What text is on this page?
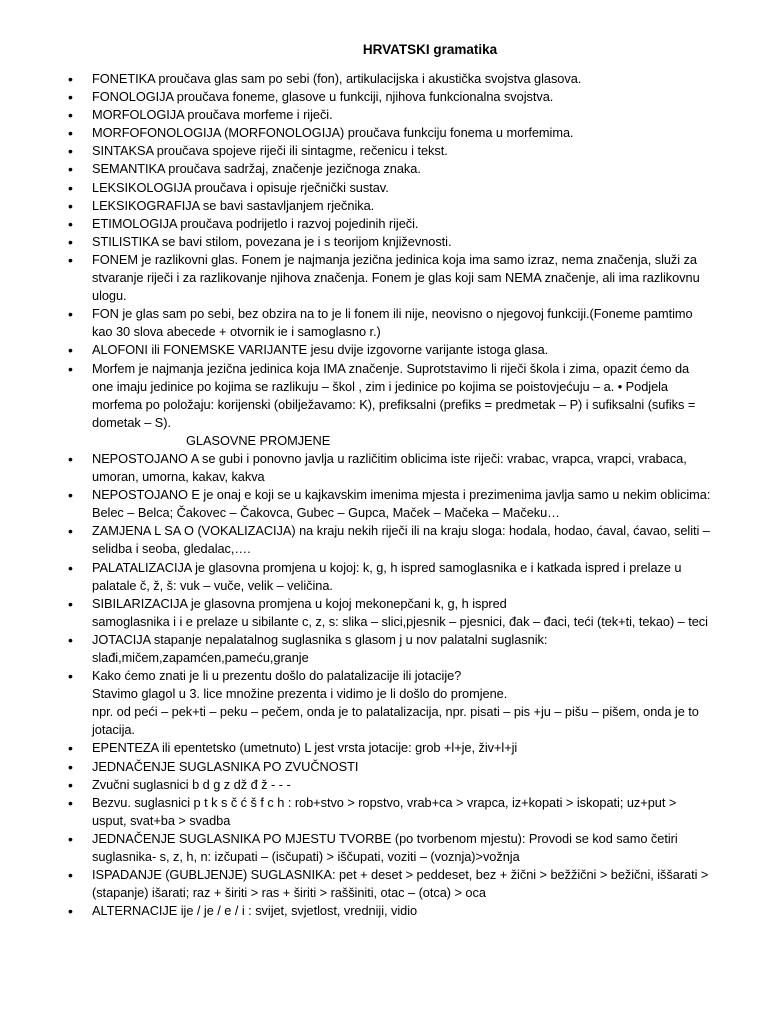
HRVATSKI gramatika
• FONETIKA proučava glas sam po sebi (fon), artikulacijska i akustička svojstva glasova.
• FONOLOGIJA proučava foneme, glasove u funkciji, njihova funkcionalna svojstva.
• MORFOLOGIJA proučava morfeme i riječi.
• MORFOFONOLOGIJA (MORFONOLOGIJA) proučava funkciju fonema u morfemima.
• SINTAKSA proučava spojeve riječi ili sintagme, rečenicu i tekst.
• SEMANTIKA proučava sadržaj, značenje jezičnoga znaka.
• LEKSIKOLOGIJA proučava i opisuje rječnički sustav.
• LEKSIKOGRAFIJA se bavi sastavljanjem rječnika.
• ETIMOLOGIJA proučava podrijetlo i razvoj pojedinih riječi.
• STILISTIKA se bavi stilom, povezana je i s teorijom književnosti.
• FONEM je razlikovni glas. Fonem je najmanja jezična jedinica koja ima samo izraz, nema značenja, služi za
stvaranje riječi i za razlikovanje njihova značenja. Fonem je glas koji sam NEMA značenje, ali ima razlikovnu
ulogu.
• FON je glas sam po sebi, bez obzira na to je li fonem ili nije, neovisno o njegovoj funkciji.(Foneme pamtimo
kao 30 slova abecede + otvornik ie i samoglasno r.)
• ALOFONI ili FONEMSKE VARIJANTE jesu dvije izgovorne varijante istoga glasa.
• Morfem je najmanja jezična jedinica koja IMA značenje. Suprotstavimo li riječi škola i zima, opazit ćemo da
one imaju jedinice po kojima se razlikuju – škol , zim i jedinice po kojima se poistovjećuju – a. • Podjela
morfema po položaju: korijenski (obilježavamo: K), prefiksalni (prefiks = predmetak – P) i sufiksalni (sufiks =
dometak – S).
GLASOVNE PROMJENE
• NEPOSTOJANO A se gubi i ponovno javlja u različitim oblicima iste riječi: vrabac, vrapca, vrapci, vrabaca,
umoran, umorna, kakav, kakva
• NEPOSTOJANO E je onaj e koji se u kajkavskim imenima mjesta i prezimenima javlja samo u nekim oblicima:
Belec – Belca; Čakovec – Čakovca, Gubec – Gupca, Maček – Mačeka – Mačeku…
• ZAMJENA L SA O (VOKALIZACIJA) na kraju nekih riječi ili na kraju sloga: hodala, hodao, ćaval, ćavao, seliti –
selidba i seoba, gledalac,….
• PALATALIZACIJA je glasovna promjena u kojoj: k, g, h ispred samoglasnika e i katkada ispred i prelaze u
palatale č, ž, š: vuk – vuče, velik – veličina.
• SIBILARIZACIJA je glasovna promjena u kojoj mekonepčani k, g, h ispred
samoglasnika i i e prelaze u sibilante c, z, s: slika – slici,pjesnik – pjesnici, đak – đaci, teći (tek+ti, tekao) – teci
• JOTACIJA stapanje nepalatalnog suglasnika s glasom j u nov palatalni suglasnik:
slađi,mičem,zapamćen,pameću,granje
• Kako ćemo znati je li u prezentu došlo do palatalizacije ili jotacije?
Stavimo glagol u 3. lice množine prezenta i vidimo je li došlo do promjene.
npr. od peći – pek+ti – peku – pečem, onda je to palatalizacija, npr. pisati – pis +ju – pišu – pišem, onda je to
jotacija.
• EPENTEZA ili epentetsko (umetnuto) L jest vrsta jotacije: grob +l+je, živ+l+ji
• JEDNAČENJE SUGLASNIKA PO ZVUČNOSTI
• Zvučni suglasnici b d g z dž đ ž - - -
• Bezvu. suglasnici p t k s č ć š f c h : rob+stvo > ropstvo, vrab+ca > vrapca, iz+kopati > iskopati; uz+put >
usput, svat+ba > svadba
• JEDNAČENJE SUGLASNIKA PO MJESTU TVORBE (po tvorbenom mjestu): Provodi se kod samo četiri
suglasnika- s, z, h, n: izčupati – (isčupati) > iščupati, voziti – (voznja)>vožnja
• ISPADANJE (GUBLJENJE) SUGLASNIKA: pet + deset > peddeset, bez + žični > bežžični > bežični, iššarati >
(stapanje) išarati; raz + širiti > ras + širiti > raššiniti, otac – (otca) > oca
• ALTERNACIJE ije / je / e / i : svijet, svjetlost, vredniji, vidio
